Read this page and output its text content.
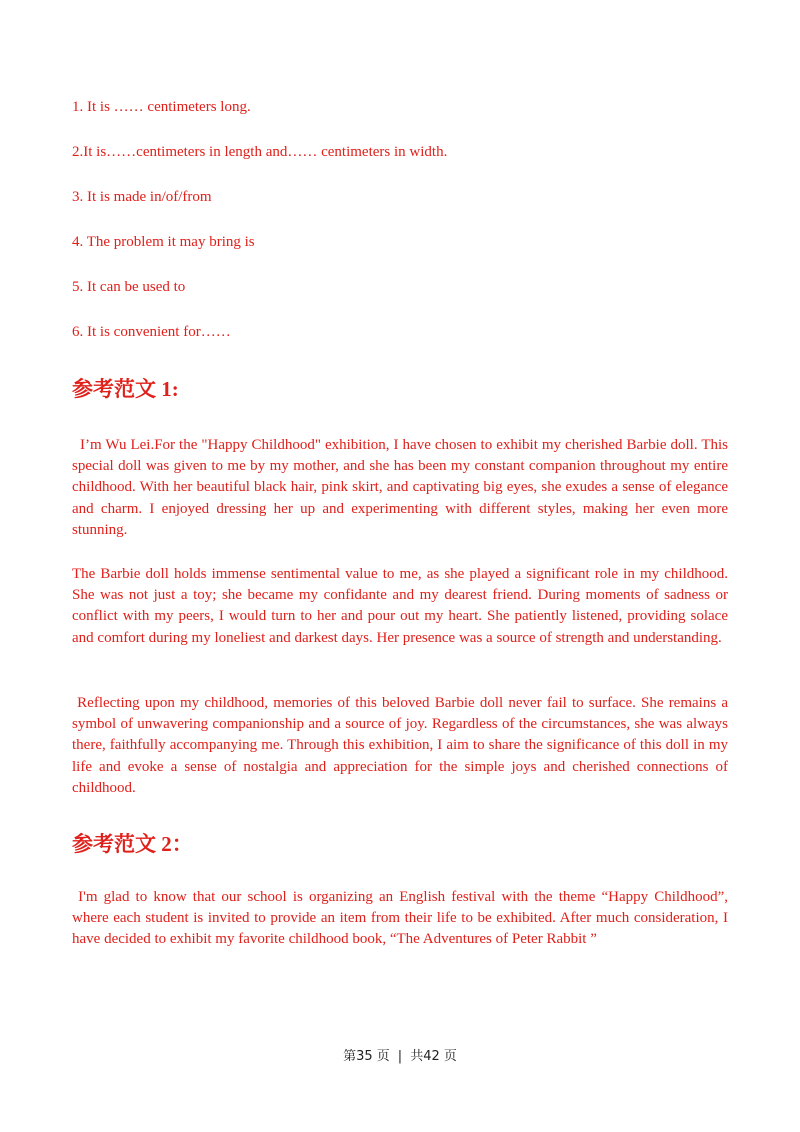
1. It is …… centimeters long.
2.It is……centimeters in length and…… centimeters in width.
3. It is made in/of/from
4. The problem it may bring is
5. It can be used to
6. It is convenient for……
参考范文 1:

I’m Wu Lei.For the "Happy Childhood" exhibition, I have chosen to exhibit my cherished Barbie doll. This special doll was given to me by my mother, and she has been my constant companion throughout my entire childhood. With her beautiful black hair, pink skirt, and captivating big eyes, she exudes a sense of elegance and charm. I enjoyed dressing her up and experimenting with different styles, making her even more stunning.

The Barbie doll holds immense sentimental value to me, as she played a significant role in my childhood. She was not just a toy; she became my confidante and my dearest friend. During moments of sadness or conflict with my peers, I would turn to her and pour out my heart. She patiently listened, providing solace and comfort during my loneliest and darkest days. Her presence was a source of strength and understanding.

Reflecting upon my childhood, memories of this beloved Barbie doll never fail to surface. She remains a symbol of unwavering companionship and a source of joy. Regardless of the circumstances, she was always there, faithfully accompanying me. Through this exhibition, I aim to share the significance of this doll in my life and evoke a sense of nostalgia and appreciation for the simple joys and cherished connections of childhood.

参考范文 2：

I'm glad to know that our school is organizing an English festival with the theme “Happy Childhood”, where each student is invited to provide an item from their life to be exhibited. After much consideration, I have decided to exhibit my favorite childhood book, “The Adventures of Peter Rabbit ”

第35 页 | 共42 页
